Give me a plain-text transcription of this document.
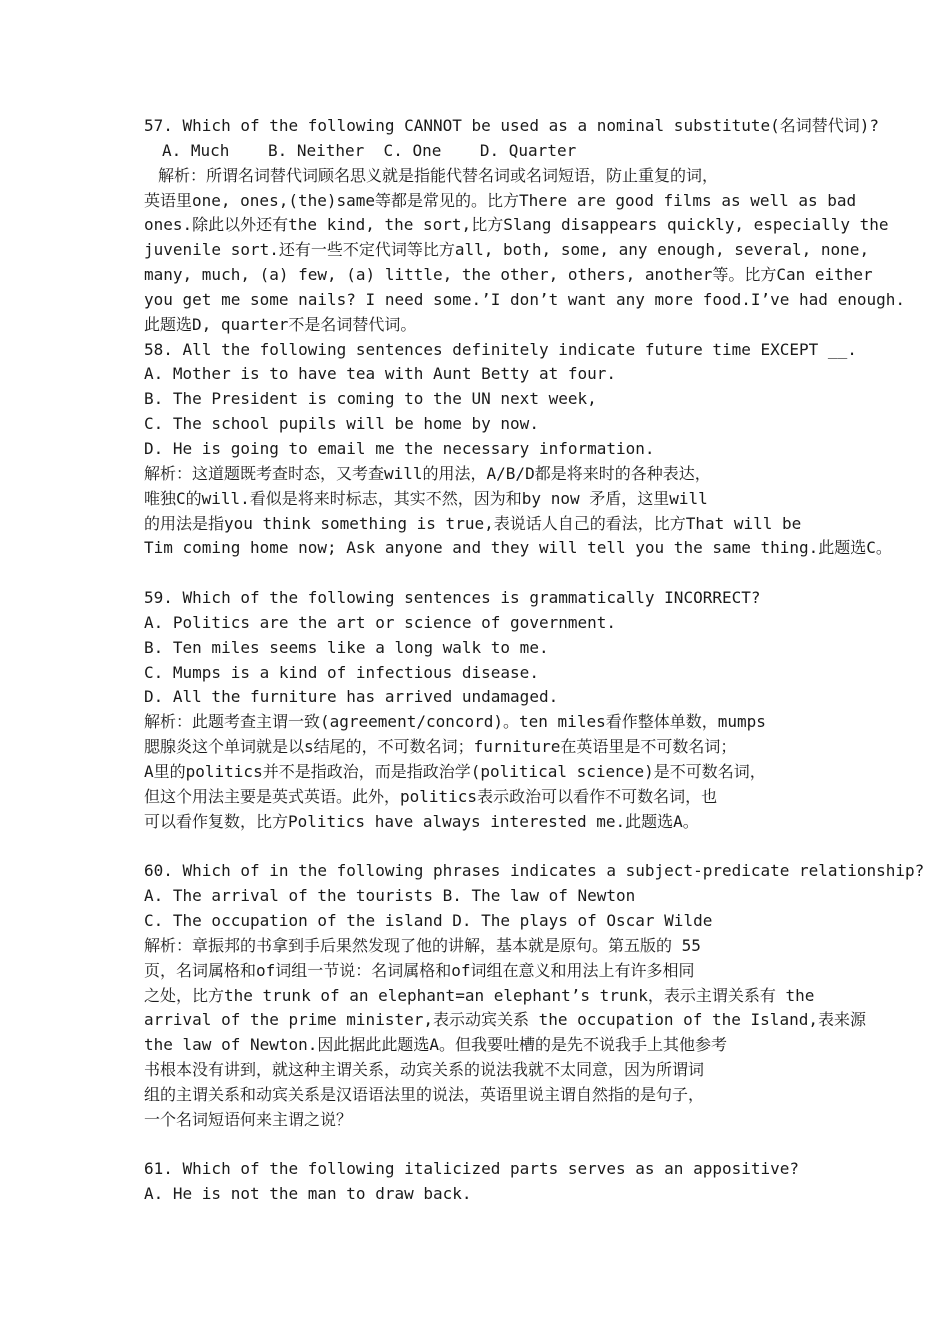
57. Which of the following CANNOT be used as a nominal substitute(名词替代词)?
A. Much    B. Neither  C. One    D. Quarter
解析：所谓名词替代词顾名思义就是指能代替名词或名词短语，防止重复的词，
英语里one, ones,(the)same等都是常见的。比方There are good films as well as bad
ones.除此以外还有the kind, the sort,比方Slang disappears quickly, especially the
juvenile sort.还有一些不定代词等比方all, both, some, any enough, several, none,
many, much, (a) few, (a) little, the other, others, another等。比方Can either
you get me some nails? I need some.’I don’t want any more food.I’ve had enough.
此题选D, quarter不是名词替代词。
58. All the following sentences definitely indicate future time EXCEPT __.
A. Mother is to have tea with Aunt Betty at four.
B. The President is coming to the UN next week,
C. The school pupils will be home by now.
D. He is going to email me the necessary information.
解析：这道题既考查时态，又考查will的用法，A/B/D都是将来时的各种表达，
唯独C的will.看似是将来时标志，其实不然，因为和by now 矛盾，这里will
的用法是指you think something is true,表说话人自己的看法，比方That will be
Tim coming home now; Ask anyone and they will tell you the same thing.此题选C。
59. Which of the following sentences is grammatically INCORRECT?
A. Politics are the art or science of government.
B. Ten miles seems like a long walk to me.
C. Mumps is a kind of infectious disease.
D. All the furniture has arrived undamaged.
解析：此题考查主谓一致(agreement/concord)。ten miles看作整体单数，mumps
腮腺炎这个单词就是以s结尾的，不可数名词；furniture在英语里是不可数名词；
A里的politics并不是指政治，而是指政治学(political science)是不可数名词，
但这个用法主要是英式英语。此外，politics表示政治可以看作不可数名词，也
可以看作复数，比方Politics have always interested me.此题选A。
60. Which of in the following phrases indicates a subject-predicate relationship?
A. The arrival of the tourists B. The law of Newton
C. The occupation of the island D. The plays of Oscar Wilde
解析：章振邦的书拿到手后果然发现了他的讲解，基本就是原句。第五版的 55
页，名词属格和of词组一节说：名词属格和of词组在意义和用法上有许多相同
之处，比方the trunk of an elephant=an elephant’s trunk，表示主谓关系有 the
arrival of the prime minister,表示动宾关系 the occupation of the Island,表来源
the law of Newton.因此据此此题选A。但我要吐槽的是先不说我手上其他参考
书根本没有讲到，就这种主谓关系，动宾关系的说法我就不太同意，因为所谓词
组的主谓关系和动宾关系是汉语语法里的说法，英语里说主谓自然指的是句子，
一个名词短语何来主谓之说？
61. Which of the following italicized parts serves as an appositive?
A. He is not the man to draw back.
